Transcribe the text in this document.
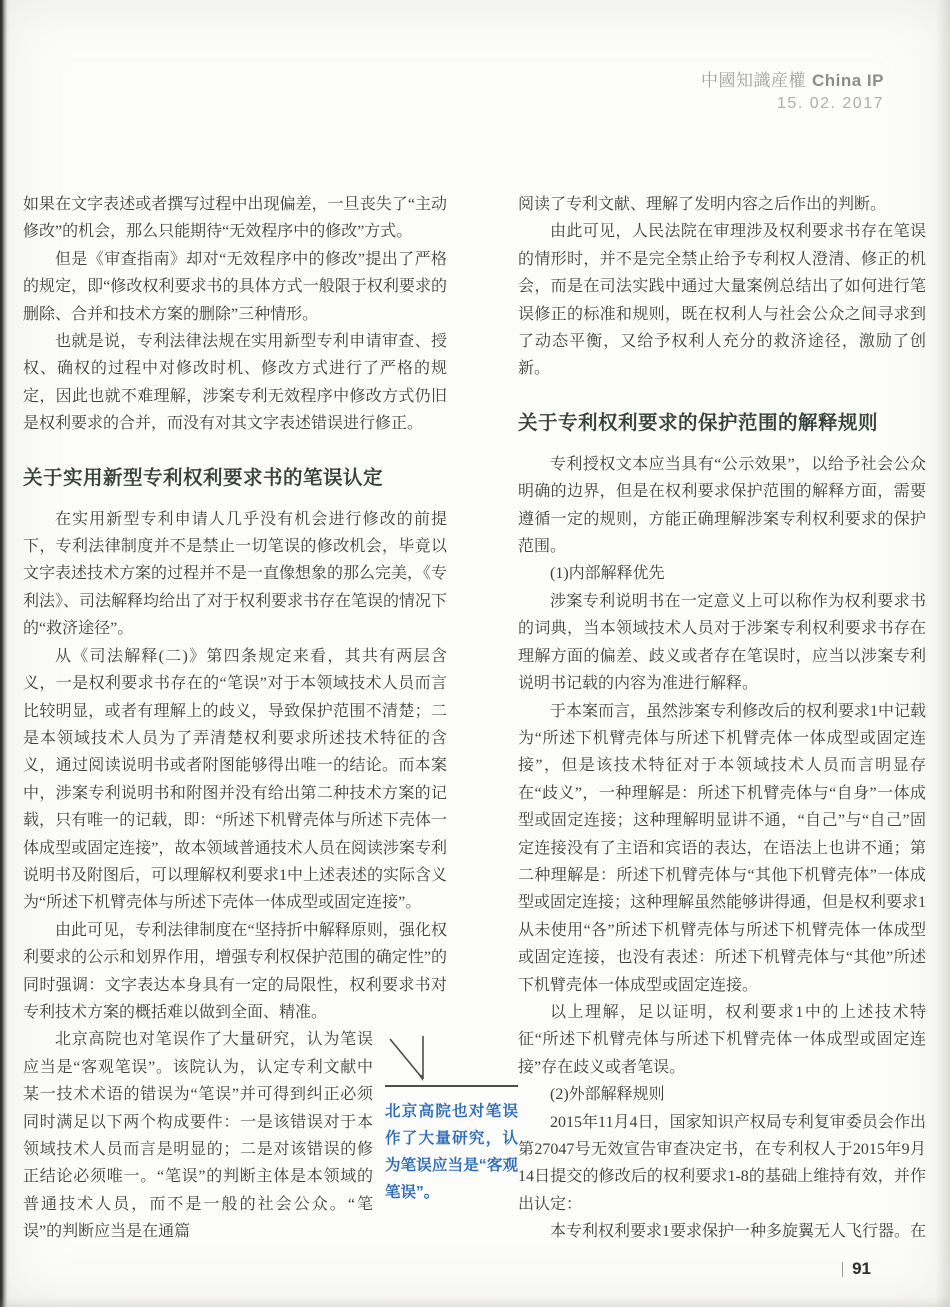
中國知識産權 China IP
15. 02. 2017

如果在文字表述或者撰写过程中出现偏差，一旦丧失了“主动修改”的机会，那么只能期待“无效程序中的修改”方式。

但是《审查指南》却对“无效程序中的修改”提出了严格的规定，即“修改权利要求书的具体方式一般限于权利要求的删除、合并和技术方案的删除”三种情形。

也就是说，专利法律法规在实用新型专利申请审查、授权、确权的过程中对修改时机、修改方式进行了严格的规定，因此也就不难理解，涉案专利无效程序中修改方式仍旧是权利要求的合并，而没有对其文字表述错误进行修正。

关于实用新型专利权利要求书的笔误认定

在实用新型专利申请人几乎没有机会进行修改的前提下，专利法律制度并不是禁止一切笔误的修改机会，毕竟以文字表述技术方案的过程并不是一直像想象的那么完美，《专利法》、司法解释均给出了对于权利要求书存在笔误的情况下的“救济途径”。

从《司法解释(二)》第四条规定来看，其共有两层含义，一是权利要求书存在的“笔误”对于本领域技术人员而言比较明显，或者有理解上的歧义，导致保护范围不清楚；二是本领域技术人员为了弄清楚权利要求所述技术特征的含义，通过阅读说明书或者附图能够得出唯一的结论。而本案中，涉案专利说明书和附图并没有给出第二种技术方案的记载，只有唯一的记载，即：“所述下机臂壳体与所述下壳体一体成型或固定连接”，故本领域普通技术人员在阅读涉案专利说明书及附图后，可以理解权利要求1中上述表述的实际含义为“所述下机臂壳体与所述下壳体一体成型或固定连接”。

由此可见，专利法律制度在“坚持折中解释原则，强化权利要求的公示和划界作用，增强专利权保护范围的确定性”的同时强调：文字表达本身具有一定的局限性，权利要求书对专利技术方案的概括难以做到全面、精准。

北京高院也对笔误作了大量研究，认为笔误应当是“客观笔误”。该院认为，认定专利文献中某一技术术语的错误为“笔误”并可得到纠正必须同时满足以下两个构成要件：一是该错误对于本领域技术人员而言是明显的；二是对该错误的修正结论必须唯一。“笔误”的判断主体是本领域的普通技术人员，而不是一般的社会公众。“笔误”的判断应当是在通篇

北京高院也对笔误作了大量研究，认为笔误应当是“客观笔误”。

阅读了专利文献、理解了发明内容之后作出的判断。

由此可见，人民法院在审理涉及权利要求书存在笔误的情形时，并不是完全禁止给予专利权人澄清、修正的机会，而是在司法实践中通过大量案例总结出了如何进行笔误修正的标准和规则，既在权利人与社会公众之间寻求到了动态平衡，又给予权利人充分的救济途径，激励了创新。

关于专利权利要求的保护范围的解释规则

专利授权文本应当具有“公示效果”，以给予社会公众明确的边界，但是在权利要求保护范围的解释方面，需要遵循一定的规则，方能正确理解涉案专利权利要求的保护范围。

(1)内部解释优先

涉案专利说明书在一定意义上可以称作为权利要求书的词典，当本领域技术人员对于涉案专利权利要求书存在理解方面的偏差、歧义或者存在笔误时，应当以涉案专利说明书记载的内容为准进行解释。

于本案而言，虽然涉案专利修改后的权利要求1中记载为“所述下机臂壳体与所述下机臂壳体一体成型或固定连接”，但是该技术特征对于本领域技术人员而言明显存在“歧义”，一种理解是：所述下机臂壳体与“自身”一体成型或固定连接；这种理解明显讲不通，“自己”与“自己”固定连接没有了主语和宾语的表达，在语法上也讲不通；第二种理解是：所述下机臂壳体与“其他下机臂壳体”一体成型或固定连接；这种理解虽然能够讲得通，但是权利要求1从未使用“各”所述下机臂壳体与所述下机臂壳体一体成型或固定连接，也没有表述：所述下机臂壳体与“其他”所述下机臂壳体一体成型或固定连接。

以上理解，足以证明，权利要求1中的上述技术特征“所述下机臂壳体与所述下机臂壳体一体成型或固定连接”存在歧义或者笔误。

(2)外部解释规则

2015年11月4日，国家知识产权局专利复审委员会作出第27047号无效宣告审查决定书，在专利权人于2015年9月14日提交的修改后的权利要求1-8的基础上维持有效，并作出认定：

本专利权利要求1要求保护一种多旋翼无人飞行器。在

91
